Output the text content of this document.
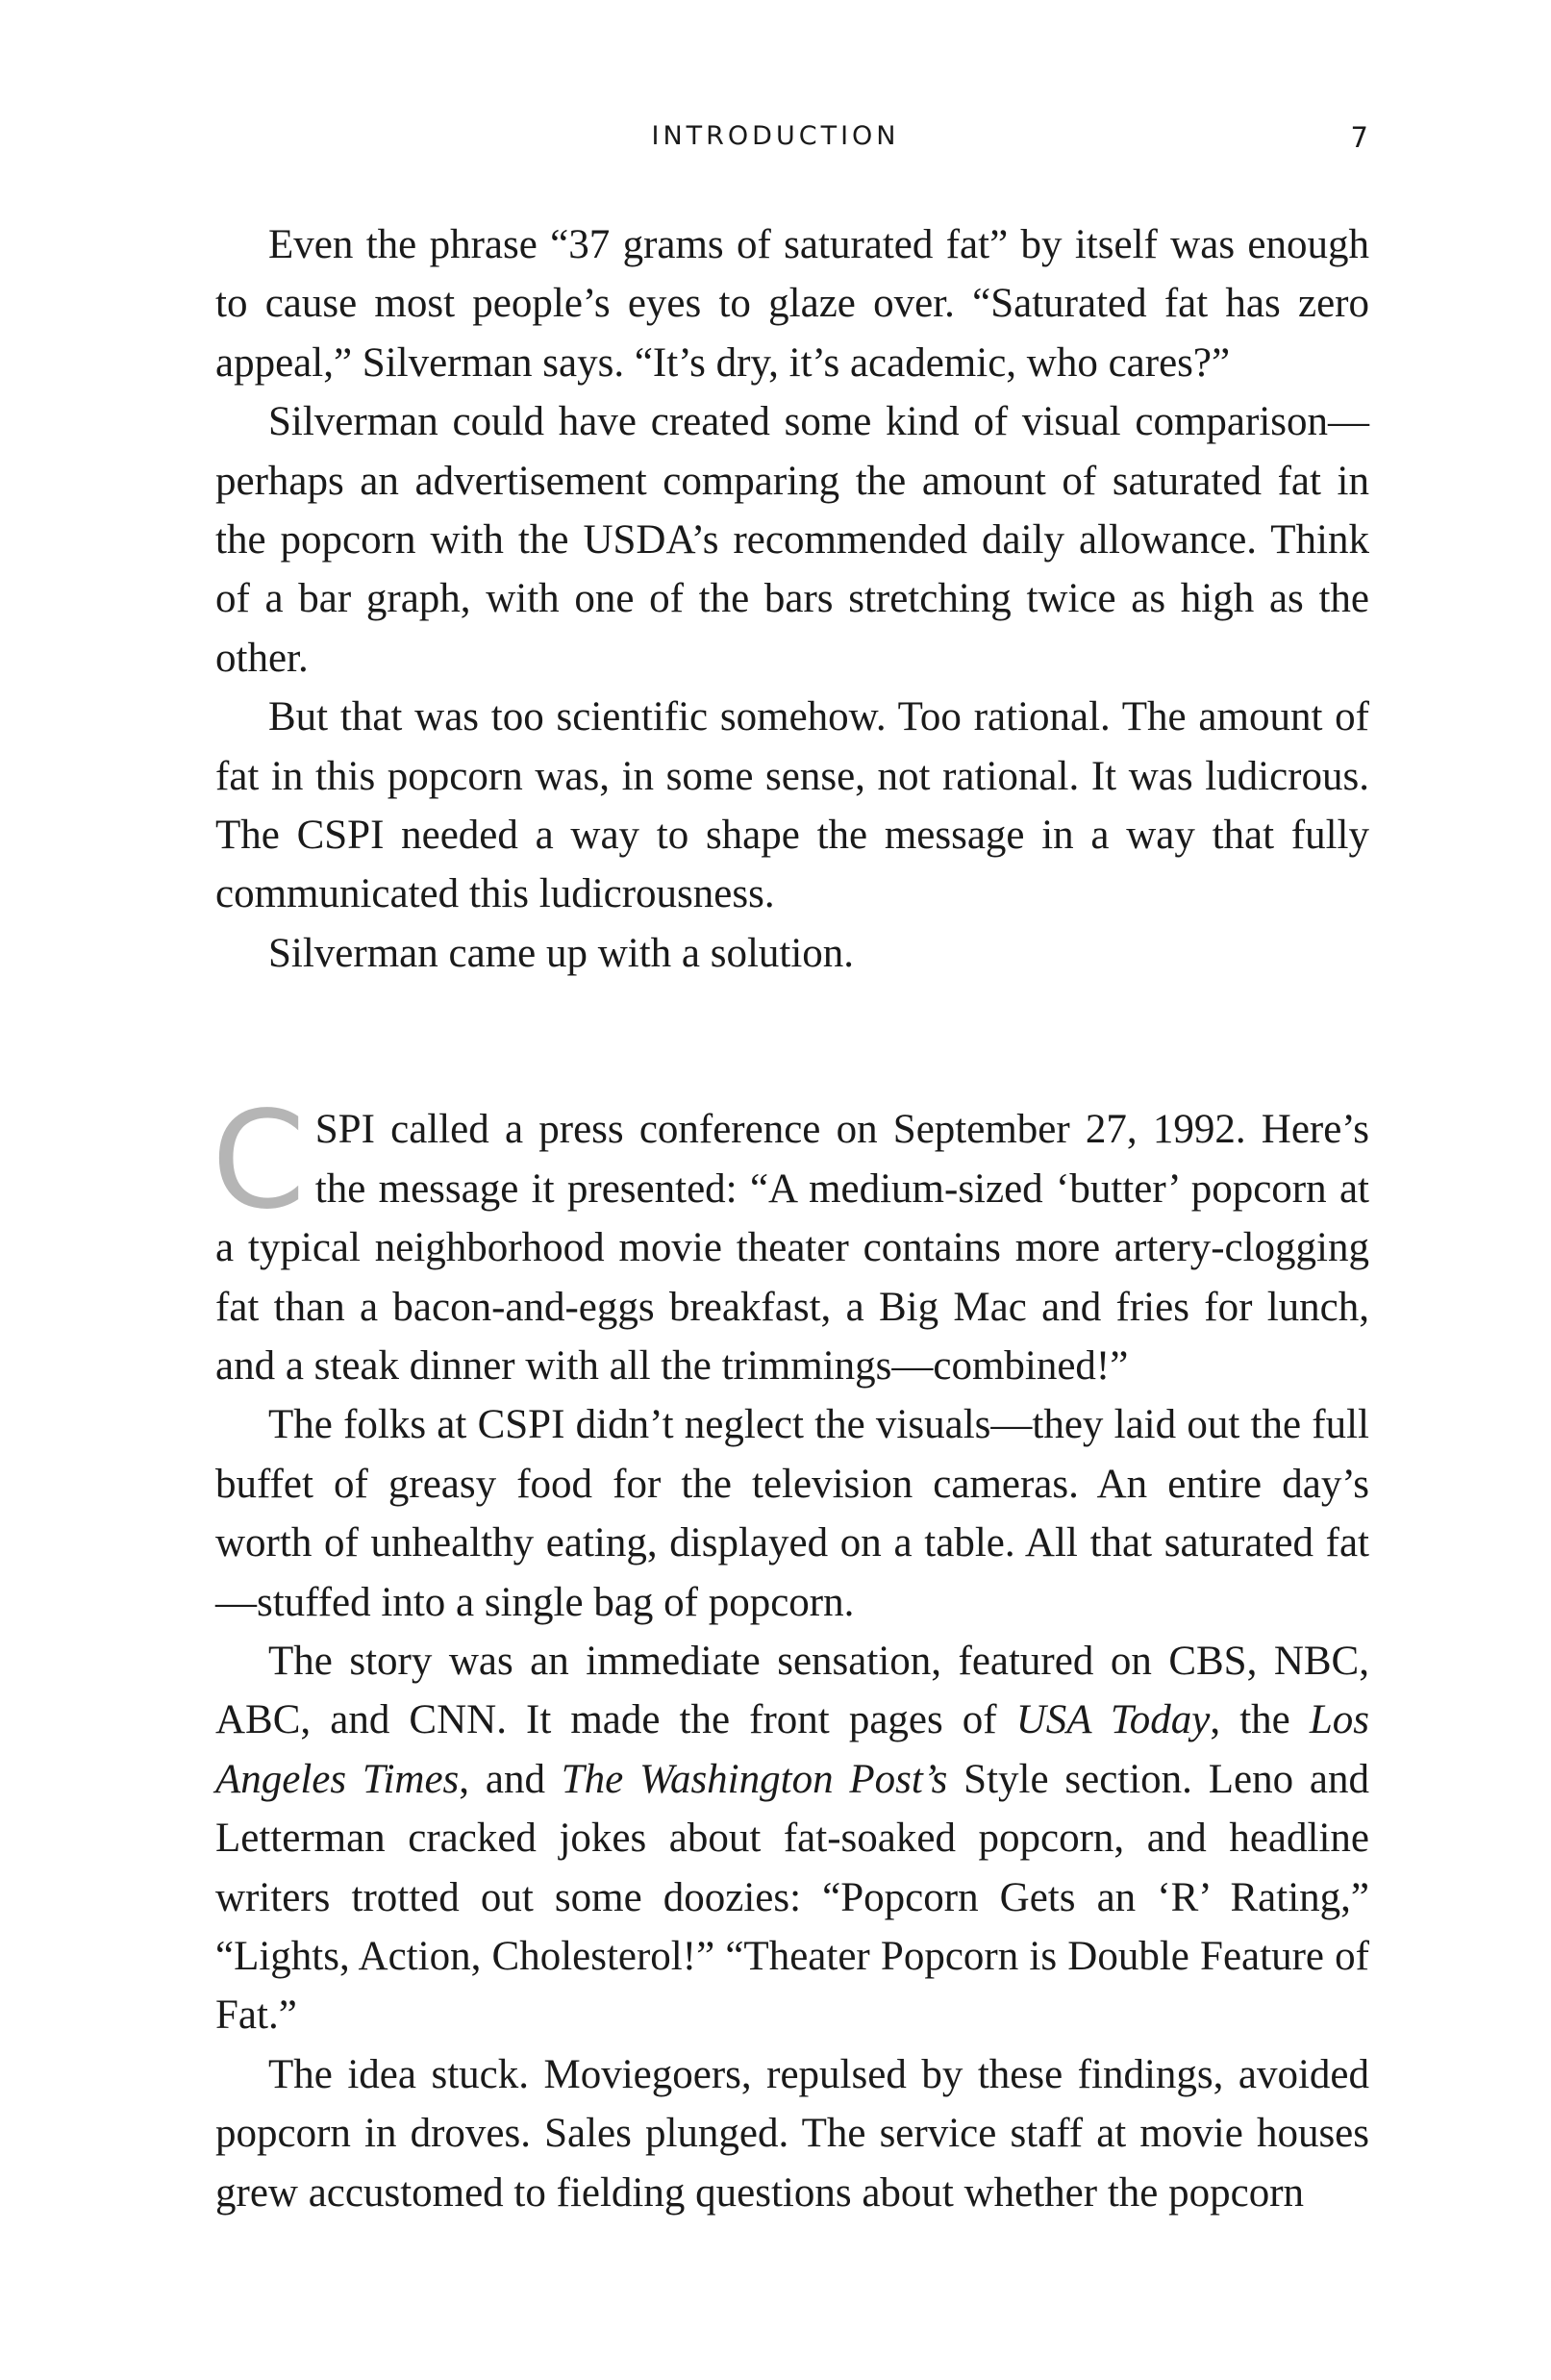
INTRODUCTION	7

Even the phrase “37 grams of saturated fat” by itself was enough to cause most people’s eyes to glaze over. “Saturated fat has zero appeal,” Silverman says. “It’s dry, it’s academic, who cares?”

Silverman could have created some kind of visual comparison—perhaps an advertisement comparing the amount of saturated fat in the popcorn with the USDA’s recommended daily allowance. Think of a bar graph, with one of the bars stretching twice as high as the other.

But that was too scientific somehow. Too rational. The amount of fat in this popcorn was, in some sense, not rational. It was ludicrous. The CSPI needed a way to shape the message in a way that fully communicated this ludicrousness.

Silverman came up with a solution.

CSPI called a press conference on September 27, 1992. Here’s the message it presented: “A medium-sized ‘butter’ popcorn at a typical neighborhood movie theater contains more artery-clogging fat than a bacon-and-eggs breakfast, a Big Mac and fries for lunch, and a steak dinner with all the trimmings—combined!”

The folks at CSPI didn’t neglect the visuals—they laid out the full buffet of greasy food for the television cameras. An entire day’s worth of unhealthy eating, displayed on a table. All that saturated fat—stuffed into a single bag of popcorn.

The story was an immediate sensation, featured on CBS, NBC, ABC, and CNN. It made the front pages of USA Today, the Los Angeles Times, and The Washington Post’s Style section. Leno and Letterman cracked jokes about fat-soaked popcorn, and headline writers trotted out some doozies: “Popcorn Gets an ‘R’ Rating,” “Lights, Action, Cholesterol!” “Theater Popcorn is Double Feature of Fat.”

The idea stuck. Moviegoers, repulsed by these findings, avoided popcorn in droves. Sales plunged. The service staff at movie houses grew accustomed to fielding questions about whether the popcorn
